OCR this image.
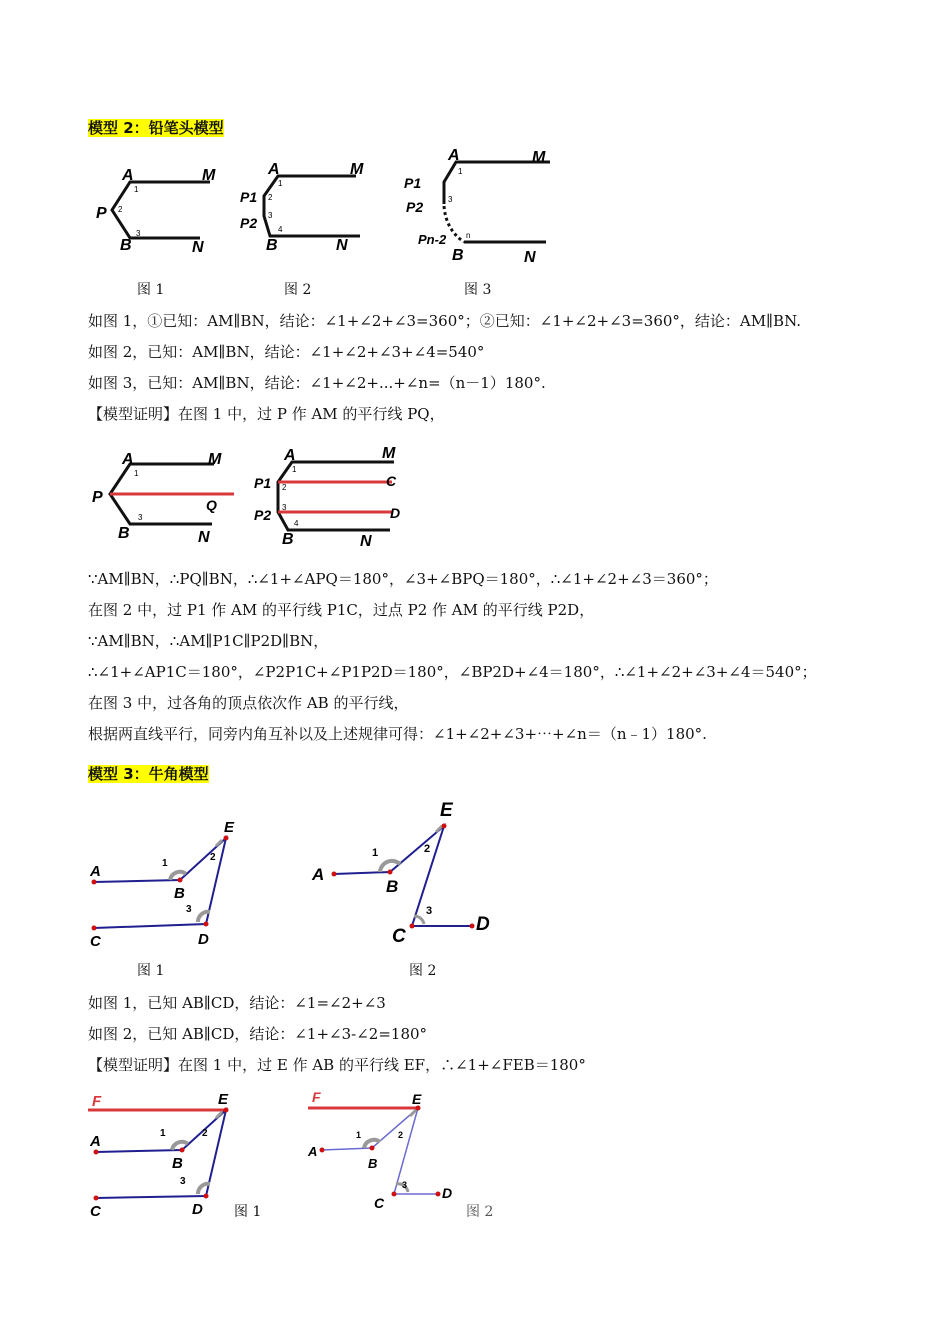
模型 2：铅笔头模型
A	M
P
B	N
1
2
3
A	M
P1
P2
B	N
1
2
3
4
A	M
P1
P2
Pn-2
B	N
1
3
n
图 1	图 2	图 3
如图 1，①已知：AM∥BN，结论：∠1+∠2+∠3=360°；②已知：∠1+∠2+∠3=360°，结论：AM∥BN.
如图 2，已知：AM∥BN，结论：∠1+∠2+∠3+∠4=540°
如图 3，已知：AM∥BN，结论：∠1+∠2+...+∠n=（n－1）180°.
【模型证明】在图 1 中，过 P 作 AM 的平行线 PQ，
A	M
P	Q
B	N
1
3
A	M
P1
P2
C
D
B	N
1
2
3
4
∵AM∥BN，∴PQ∥BN，∴∠1+∠APQ＝180°，∠3+∠BPQ＝180°，∴∠1+∠2+∠3＝360°；
在图 2 中，过 P1 作 AM 的平行线 P1C，过点 P2 作 AM 的平行线 P2D，
∵AM∥BN，∴AM∥P1C∥P2D∥BN，
∴∠1+∠AP1C＝180°，∠P2P1C+∠P1P2D＝180°，∠BP2D+∠4＝180°，∴∠1+∠2+∠3+∠4＝540°；
在图 3 中，过各角的顶点依次作 AB 的平行线，
根据两直线平行，同旁内角互补以及上述规律可得：∠1+∠2+∠3+⋯+∠n＝（n﹣1）180°.
模型 3：牛角模型
A
B
E
C	D
1
2
3
A
B
E
C
D
1	2
3
图 1	图 2
如图 1，已知 AB∥CD，结论：∠1=∠2+∠3
如图 2，已知 AB∥CD，结论：∠1+∠3-∠2=180°
【模型证明】在图 1 中，过 E 作 AB 的平行线 EF，∴∠1+∠FEB＝180°
F	E
A
B
C	D
1	2
3
图 1
F	E
A
B
C
D
1	2
3
图 2
